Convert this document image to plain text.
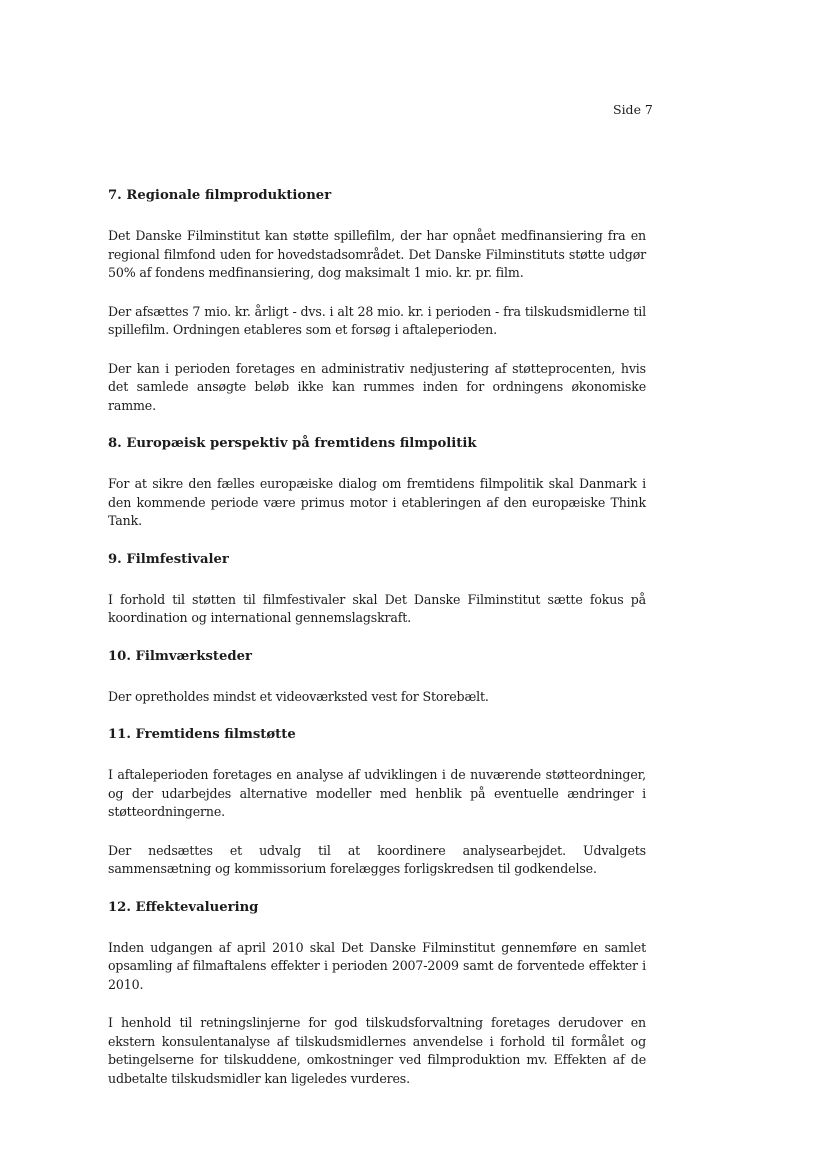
Side 7
7. Regionale filmproduktioner

Det Danske Filminstitut kan støtte spillefilm, der har opnået medfinansiering fra en regional filmfond uden for hovedstadsområdet. Det Danske Filminstituts støtte udgør 50% af fondens medfinansiering, dog maksimalt 1 mio. kr. pr. film.

Der afsættes 7 mio. kr. årligt - dvs. i alt 28 mio. kr. i perioden - fra tilskudsmidlerne til spillefilm. Ordningen etableres som et forsøg i aftaleperioden.

Der kan i perioden foretages en administrativ nedjustering af støtteprocenten, hvis det samlede ansøgte beløb ikke kan rummes inden for ordningens økonomiske ramme.

8. Europæisk perspektiv på fremtidens filmpolitik

For at sikre den fælles europæiske dialog om fremtidens filmpolitik skal Danmark i den kommende periode være primus motor i etableringen af den europæiske Think Tank.

9. Filmfestivaler

I forhold til støtten til filmfestivaler skal Det Danske Filminstitut sætte fokus på koordination og international gennemslagskraft.

10. Filmværksteder

Der opretholdes mindst et videoværksted vest for Storebælt.

11. Fremtidens filmstøtte

I aftaleperioden foretages en analyse af udviklingen i de nuværende støtteordninger, og der udarbejdes alternative modeller med henblik på eventuelle ændringer i støtteordningerne.

Der nedsættes et udvalg til at koordinere analysearbejdet. Udvalgets sammensætning og kommissorium forelægges forligskredsen til godkendelse.

12. Effektevaluering

Inden udgangen af april 2010 skal Det Danske Filminstitut gennemføre en samlet opsamling af filmaftalens effekter i perioden 2007-2009 samt de forventede effekter i 2010.

I henhold til retningslinjerne for god tilskudsforvaltning foretages derudover en ekstern konsulentanalyse af tilskudsmidlernes anvendelse i forhold til formålet og betingelserne for tilskuddene, omkostninger ved filmproduktion mv. Effekten af de udbetalte tilskudsmidler kan ligeledes vurderes.
